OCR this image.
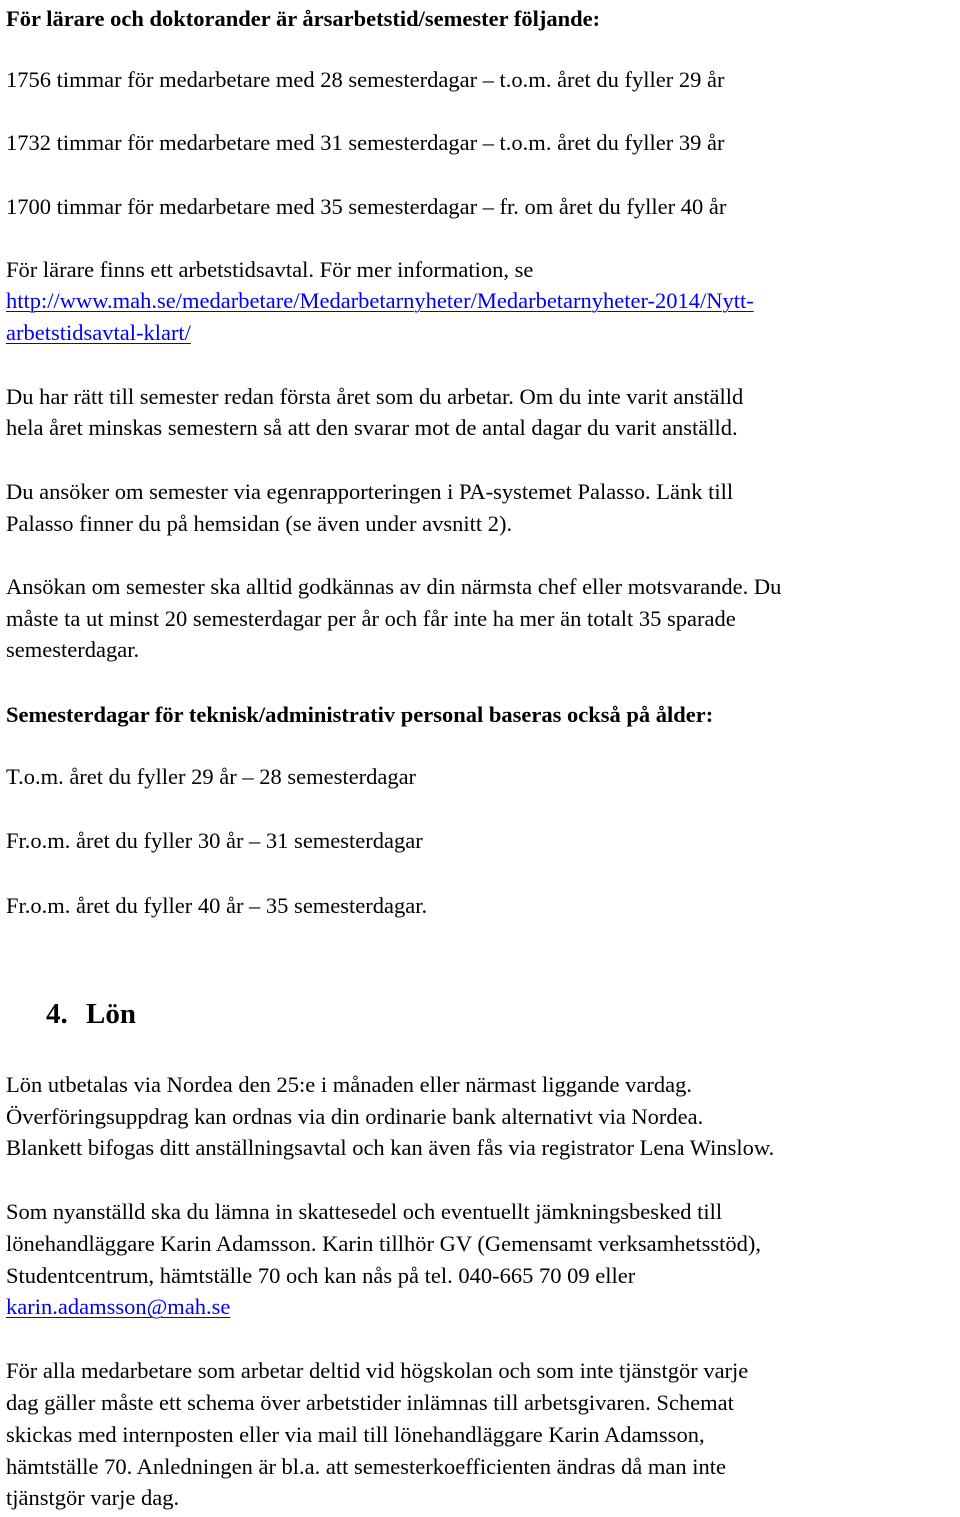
För lärare och doktorander är årsarbetstid/semester följande:
1756 timmar för medarbetare med 28 semesterdagar – t.o.m. året du fyller 29 år
1732 timmar för medarbetare med 31 semesterdagar – t.o.m. året du fyller 39 år
1700 timmar för medarbetare med 35 semesterdagar – fr. om året du fyller 40 år
För lärare finns ett arbetstidsavtal. För mer information, se
http://www.mah.se/medarbetare/Medarbetarnyheter/Medarbetarnyheter-2014/Nytt-
arbetstidsavtal-klart/
Du har rätt till semester redan första året som du arbetar. Om du inte varit anställd
hela året minskas semestern så att den svarar mot de antal dagar du varit anställd.
Du ansöker om semester via egenrapporteringen i PA-systemet Palasso. Länk till
Palasso finner du på hemsidan (se även under avsnitt 2).
Ansökan om semester ska alltid godkännas av din närmsta chef eller motsvarande. Du
måste ta ut minst 20 semesterdagar per år och får inte ha mer än totalt 35 sparade
semesterdagar.
Semesterdagar för teknisk/administrativ personal baseras också på ålder:
T.o.m. året du fyller 29 år – 28 semesterdagar
Fr.o.m. året du fyller 30 år – 31 semesterdagar
Fr.o.m. året du fyller 40 år – 35 semesterdagar.
4. Lön
Lön utbetalas via Nordea den 25:e i månaden eller närmast liggande vardag.
Överföringsuppdrag kan ordnas via din ordinarie bank alternativt via Nordea.
Blankett bifogas ditt anställningsavtal och kan även fås via registrator Lena Winslow.
Som nyanställd ska du lämna in skattesedel och eventuellt jämkningsbesked till
lönehandläggare Karin Adamsson. Karin tillhör GV (Gemensamt verksamhetsstöd),
Studentcentrum, hämtställe 70 och kan nås på tel. 040-665 70 09 eller
karin.adamsson@mah.se
För alla medarbetare som arbetar deltid vid högskolan och som inte tjänstgör varje
dag gäller måste ett schema över arbetstider inlämnas till arbetsgivaren. Schemat
skickas med internposten eller via mail till lönehandläggare Karin Adamsson,
hämtställe 70. Anledningen är bl.a. att semesterkoefficienten ändras då man inte
tjänstgör varje dag.
